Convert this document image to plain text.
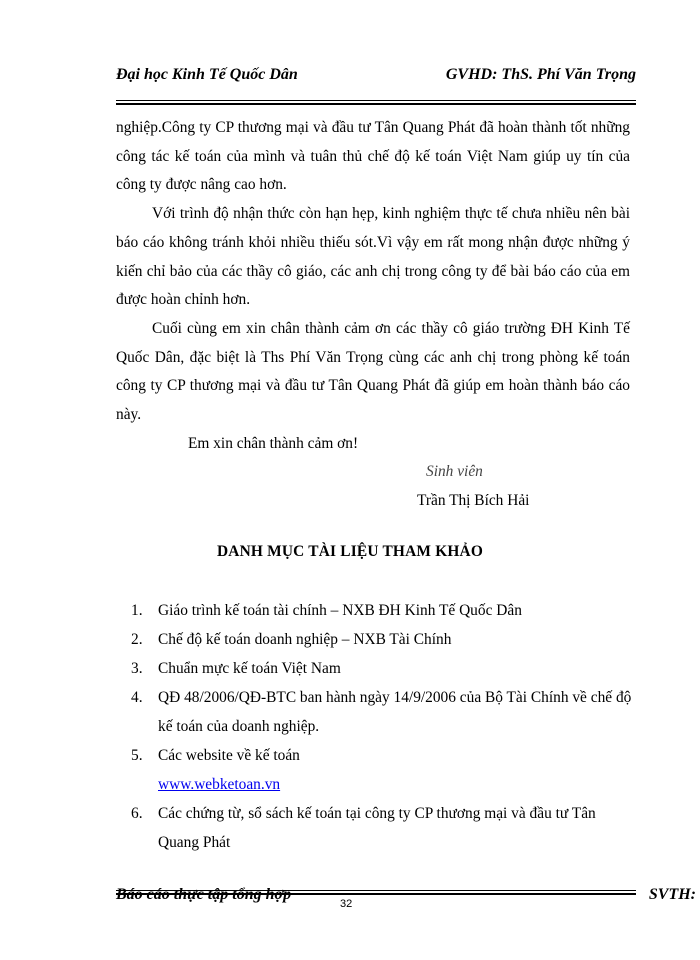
Đại học Kinh Tế Quốc Dân	GVHD: ThS. Phí Văn Trọng

nghiệp.Công ty CP thương mại và đầu tư Tân Quang Phát đã hoàn thành tốt những công tác kế toán của mình và tuân thủ chế độ kế toán Việt Nam giúp uy tín của công ty được nâng cao hơn.

Với trình độ nhận thức còn hạn hẹp, kinh nghiệm thực tế chưa nhiều nên bài báo cáo không tránh khỏi nhiều thiếu sót.Vì vậy em rất mong nhận được những ý kiến chỉ bảo của các thầy cô giáo, các anh chị trong công ty để bài báo cáo của em được hoàn chỉnh hơn.

Cuối cùng em xin chân thành cảm ơn các thầy cô giáo trường ĐH Kinh Tế Quốc Dân, đặc biệt là Ths Phí Văn Trọng cùng các anh chị trong phòng kế toán công ty CP thương mại và đầu tư Tân Quang Phát đã giúp em hoàn thành báo cáo này.

Em xin chân thành cảm ơn!

Sinh viên

Trần Thị Bích Hải

DANH MỤC TÀI LIỆU THAM KHẢO
1. Giáo trình kế toán tài chính – NXB ĐH Kinh Tế Quốc Dân
2. Chế độ kế toán doanh nghiệp – NXB Tài Chính
3. Chuẩn mực kế toán Việt Nam
4. QĐ 48/2006/QĐ-BTC ban hành ngày 14/9/2006 của Bộ Tài Chính về chế độ kế toán của doanh nghiệp.
5. Các website về kế toán
www.webketoan.vn
6. Các chứng từ, sổ sách kế toán tại công ty CP thương mại và đầu tư Tân Quang Phát
Báo cáo thực tập tổng hợp
32
SVTH:
